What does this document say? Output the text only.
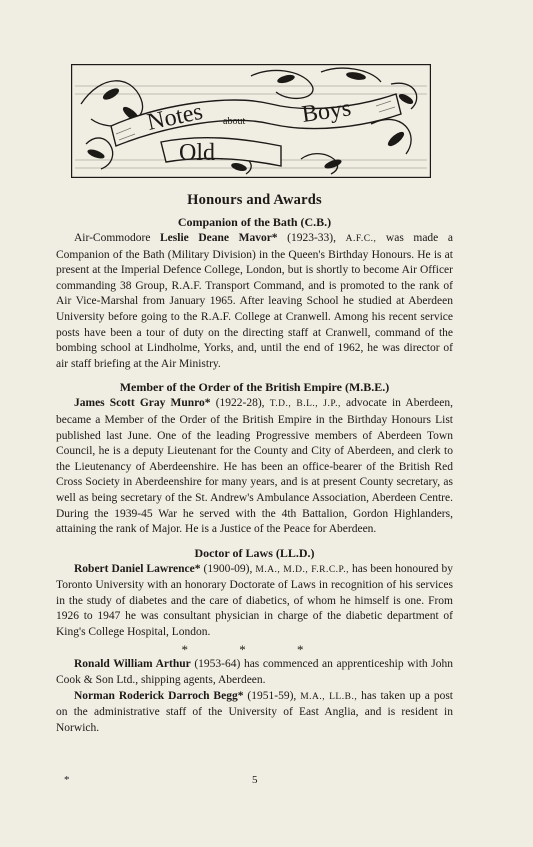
Notes about
Old
Boys
Honours and Awards
Companion of the Bath (C.B.)

Air-Commodore Leslie Deane Mavor* (1923-33), A.F.C., was made a Companion of the Bath (Military Division) in the Queen's Birthday Honours. He is at present at the Imperial Defence College, London, but is shortly to become Air Officer commanding 38 Group, R.A.F. Transport Command, and is promoted to the rank of Air Vice-Marshal from January 1965. After leaving School he studied at Aberdeen University before going to the R.A.F. College at Cranwell. Among his recent service posts have been a tour of duty on the directing staff at Cranwell, command of the bombing school at Lindholme, Yorks, and, until the end of 1962, he was director of air staff briefing at the Air Ministry.

Member of the Order of the British Empire (M.B.E.)

James Scott Gray Munro* (1922-28), T.D., B.L., J.P., advocate in Aberdeen, became a Member of the Order of the British Empire in the Birthday Honours List published last June. One of the leading Progressive members of Aberdeen Town Council, he is a deputy Lieutenant for the County and City of Aberdeen, and clerk to the Lieutenancy of Aberdeenshire. He has been an office-bearer of the British Red Cross Society in Aberdeenshire for many years, and is at present County secretary, as well as being secretary of the St. Andrew's Ambulance Association, Aberdeen Centre. During the 1939-45 War he served with the 4th Battalion, Gordon Highlanders, attaining the rank of Major. He is a Justice of the Peace for Aberdeen.

Doctor of Laws (LL.D.)

Robert Daniel Lawrence* (1900-09), M.A., M.D., F.R.C.P., has been honoured by Toronto University with an honorary Doctorate of Laws in recognition of his services in the study of diabetes and the care of diabetics, of whom he himself is one. From 1926 to 1947 he was consultant physician in charge of the diabetic department of King's College Hospital, London.

* * *

Ronald William Arthur (1953-64) has commenced an apprenticeship with John Cook & Son Ltd., shipping agents, Aberdeen.

Norman Roderick Darroch Begg* (1951-59), M.A., LL.B., has taken up a post on the administrative staff of the University of East Anglia, and is resident in Norwich.

*	5
